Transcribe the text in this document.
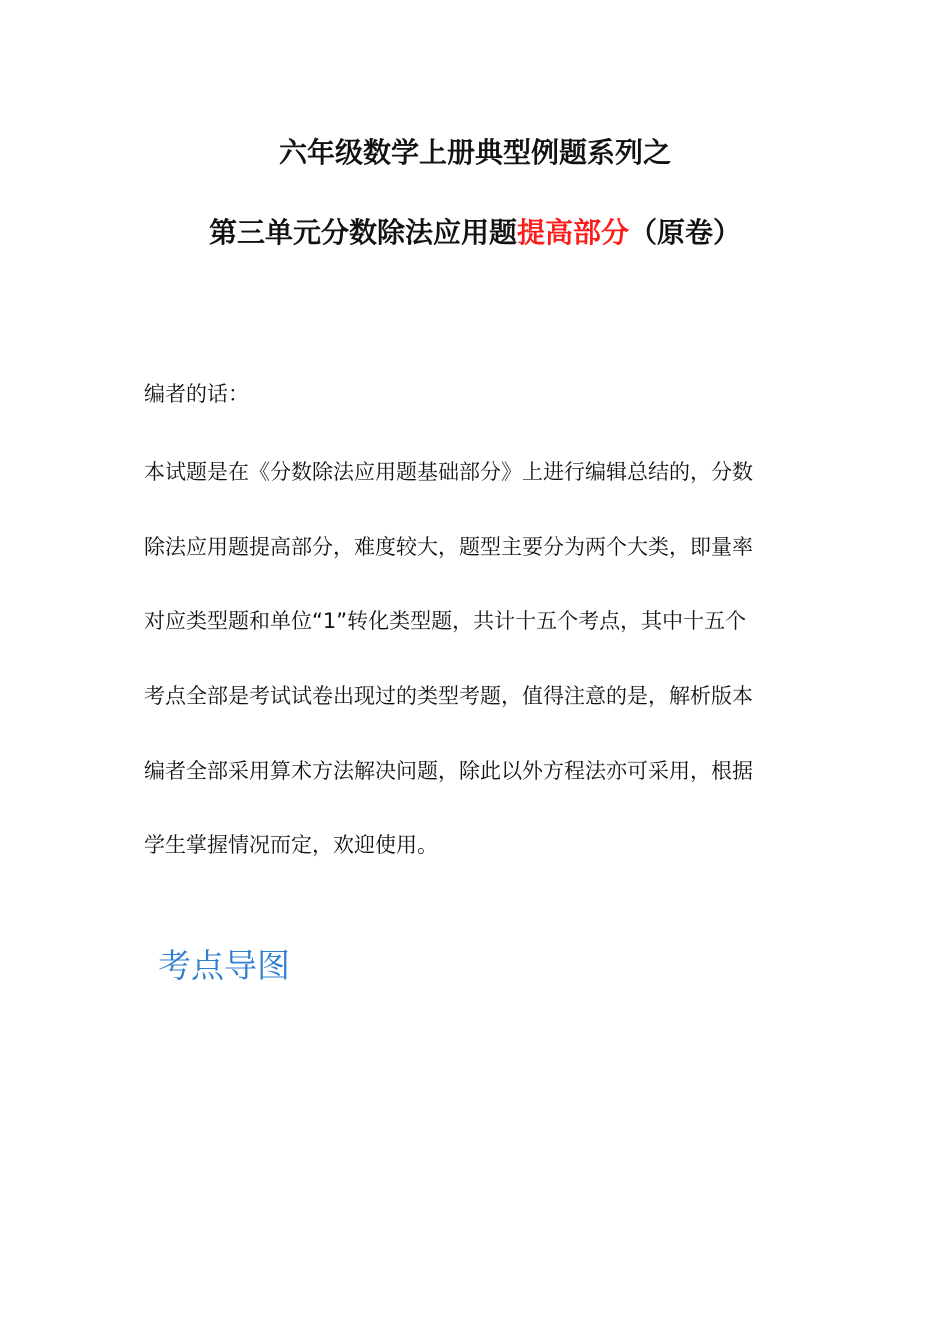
六年级数学上册典型例题系列之
第三单元分数除法应用题提高部分（原卷）
编者的话：
本试题是在《分数除法应用题基础部分》上进行编辑总结的，分数
除法应用题提高部分，难度较大，题型主要分为两个大类，即量率
对应类型题和单位“1”转化类型题，共计十五个考点，其中十五个
考点全部是考试试卷出现过的类型考题，值得注意的是，解析版本
编者全部采用算术方法解决问题，除此以外方程法亦可采用，根据
学生掌握情况而定，欢迎使用。
考点导图
